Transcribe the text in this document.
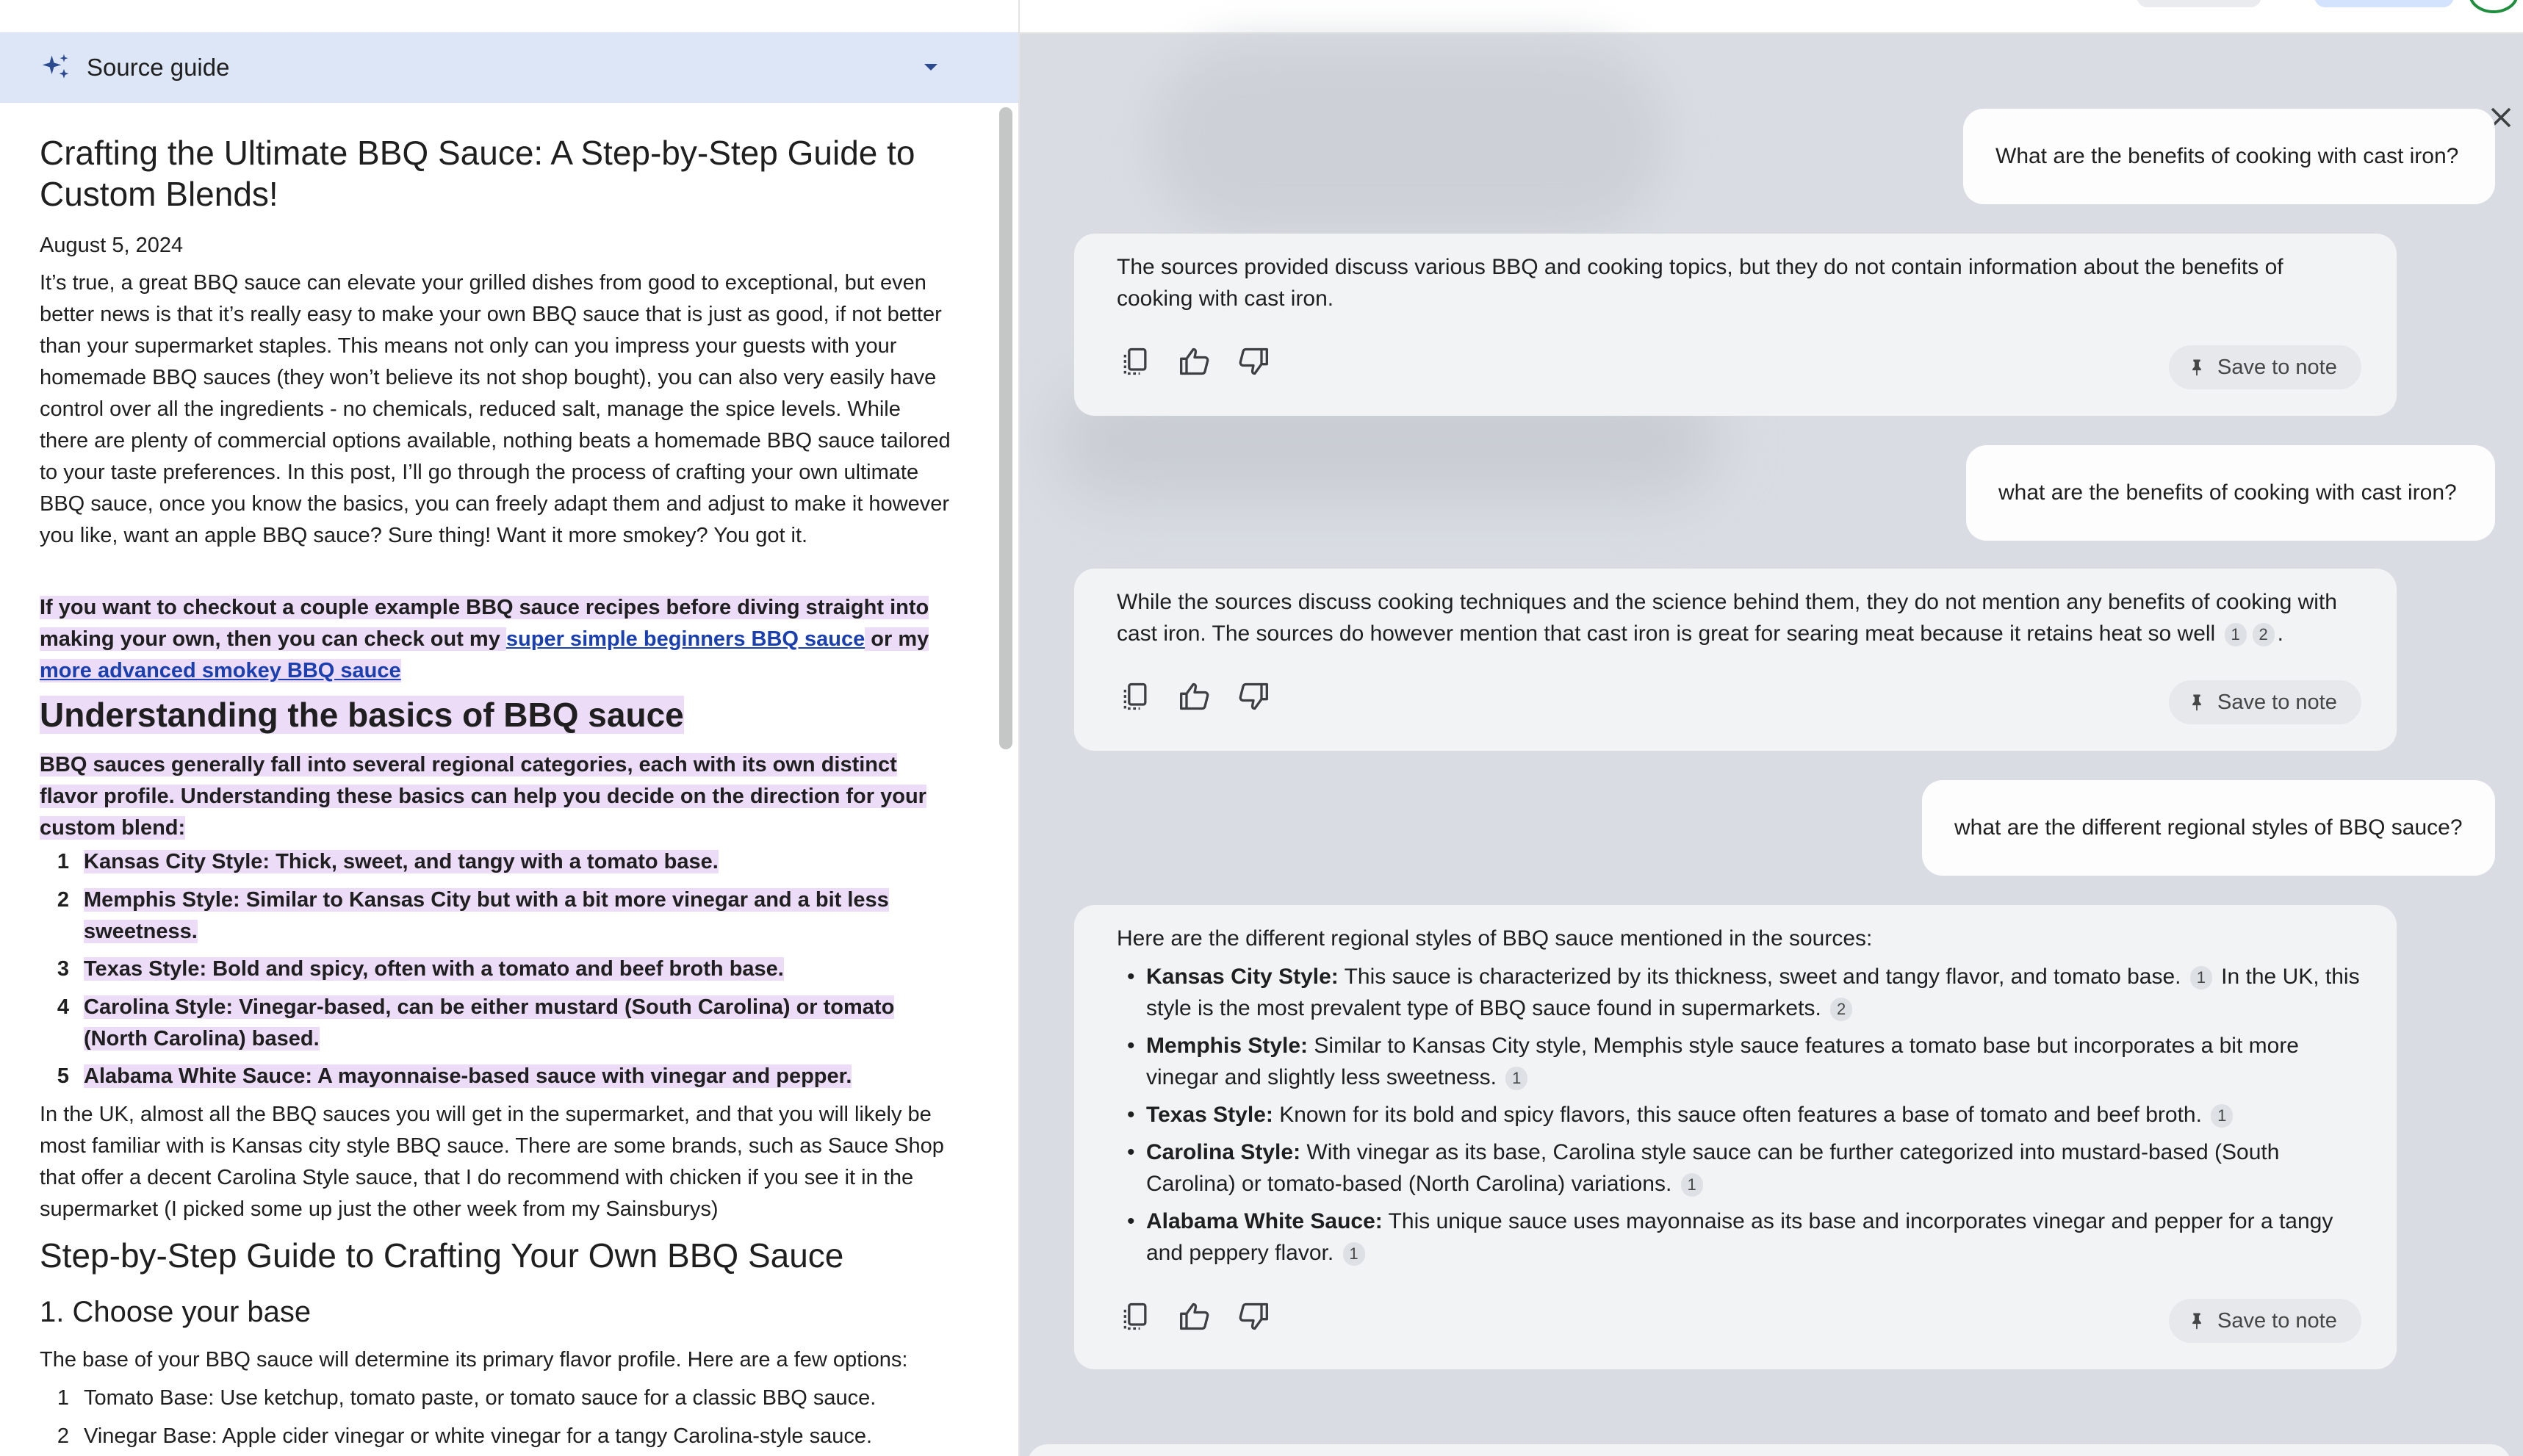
Source guide
Crafting the Ultimate BBQ Sauce: A Step-by-Step Guide to Custom Blends!
August 5, 2024

It’s true, a great BBQ sauce can elevate your grilled dishes from good to exceptional, but even better news is that it’s really easy to make your own BBQ sauce that is just as good, if not better than your supermarket staples. This means not only can you impress your guests with your homemade BBQ sauces (they won’t believe its not shop bought), you can also very easily have control over all the ingredients - no chemicals, reduced salt, manage the spice levels. While there are plenty of commercial options available, nothing beats a homemade BBQ sauce tailored to your taste preferences. In this post, I’ll go through the process of crafting your own ultimate BBQ sauce, once you know the basics, you can freely adapt them and adjust to make it however you like, want an apple BBQ sauce? Sure thing! Want it more smokey? You got it.

If you want to checkout a couple example BBQ sauce recipes before diving straight into making your own, then you can check out my super simple beginners BBQ sauce or my more advanced smokey BBQ sauce

Understanding the basics of BBQ sauce

BBQ sauces generally fall into several regional categories, each with its own distinct flavor profile. Understanding these basics can help you decide on the direction for your custom blend:

1 Kansas City Style: Thick, sweet, and tangy with a tomato base.
2 Memphis Style: Similar to Kansas City but with a bit more vinegar and a bit less sweetness.
3 Texas Style: Bold and spicy, often with a tomato and beef broth base.
4 Carolina Style: Vinegar-based, can be either mustard (South Carolina) or tomato (North Carolina) based.
5 Alabama White Sauce: A mayonnaise-based sauce with vinegar and pepper.

In the UK, almost all the BBQ sauces you will get in the supermarket, and that you will likely be most familiar with is Kansas city style BBQ sauce. There are some brands, such as Sauce Shop that offer a decent Carolina Style sauce, that I do recommend with chicken if you see it in the supermarket (I picked some up just the other week from my Sainsburys)

Step-by-Step Guide to Crafting Your Own BBQ Sauce
1. Choose your base

The base of your BBQ sauce will determine its primary flavor profile. Here are a few options:

1 Tomato Base: Use ketchup, tomato paste, or tomato sauce for a classic BBQ sauce.
2 Vinegar Base: Apple cider vinegar or white vinegar for a tangy Carolina-style sauce.
What are the benefits of cooking with cast iron?

The sources provided discuss various BBQ and cooking topics, but they do not contain information about the benefits of cooking with cast iron.

Save to note
what are the benefits of cooking with cast iron?

While the sources discuss cooking techniques and the science behind them, they do not mention any benefits of cooking with cast iron. The sources do however mention that cast iron is great for searing meat because it retains heat so well 1 2 .

Save to note
what are the different regional styles of BBQ sauce?

Here are the different regional styles of BBQ sauce mentioned in the sources:

• Kansas City Style: This sauce is characterized by its thickness, sweet and tangy flavor, and tomato base. 1 In the UK, this style is the most prevalent type of BBQ sauce found in supermarkets. 2
• Memphis Style: Similar to Kansas City style, Memphis style sauce features a tomato base but incorporates a bit more vinegar and slightly less sweetness. 1
• Texas Style: Known for its bold and spicy flavors, this sauce often features a base of tomato and beef broth. 1
• Carolina Style: With vinegar as its base, Carolina style sauce can be further categorized into mustard-based (South Carolina) or tomato-based (North Carolina) variations. 1
• Alabama White Sauce: This unique sauce uses mayonnaise as its base and incorporates vinegar and pepper for a tangy and peppery flavor. 1
Save to note
